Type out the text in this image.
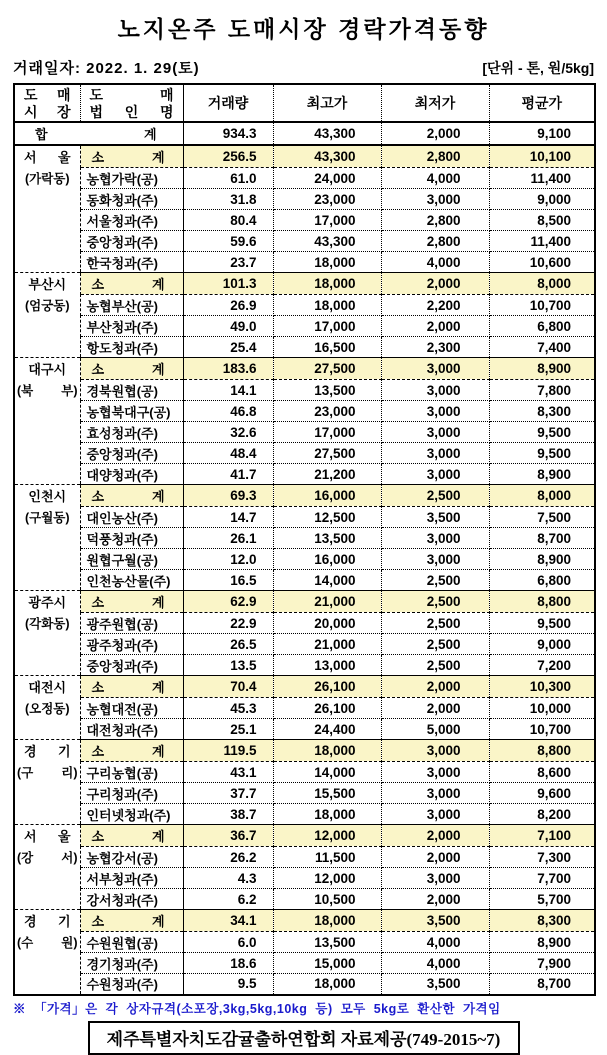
노지온주 도매시장 경락가격동향
거래일자: 2022. 1. 29(토)	[단위 - 톤, 원/5kg]
도 매
시 장

도	매
법 인 명
	거래량	최고가	최저가	평균가

합 계		934.3	43,300	2,000	9,100

서 울
(가락동)

소	계	256.5	43,300	2,800	10,100
	농협가락(공)	61.0	24,000	4,000	11,400
	동화청과(주)	31.8	23,000	3,000	9,000
	서울청과(주)	80.4	17,000	2,800	8,500
	중앙청과(주)	59.6	43,300	2,800	11,400
	한국청과(주)	23.7	18,000	4,000	10,600

부산시
(엄궁동)

소	계	101.3	18,000	2,000	8,000
	농협부산(공)	26.9	18,000	2,200	10,700
	부산청과(주)	49.0	17,000	2,000	6,800
	항도청과(주)	25.4	16,500	2,300	7,400

대구시
(북 부)

소	계	183.6	27,500	3,000	8,900
	경북원협(공)	14.1	13,500	3,000	7,800
	농협북대구(공)	46.8	23,000	3,000	8,300
	효성청과(주)	32.6	17,000	3,000	9,500
	중앙청과(주)	48.4	27,500	3,000	9,500
	대양청과(주)	41.7	21,200	3,000	8,900

인천시
(구월동)

소	계	69.3	16,000	2,500	8,000
	대인농산(주)	14.7	12,500	3,500	7,500
	덕풍청과(주)	26.1	13,500	3,000	8,700
	원협구월(공)	12.0	16,000	3,000	8,900
	인천농산물(주)	16.5	14,000	2,500	6,800

광주시
(각화동)

소	계	62.9	21,000	2,500	8,800
	광주원협(공)	22.9	20,000	2,500	9,500
	광주청과(주)	26.5	21,000	2,500	9,000
	중앙청과(주)	13.5	13,000	2,500	7,200

대전시
(오정동)

소	계	70.4	26,100	2,000	10,300
	농협대전(공)	45.3	26,100	2,000	10,000
	대전청과(주)	25.1	24,400	5,000	10,700

경 기
(구 리)

소	계	119.5	18,000	3,000	8,800
	구리농협(공)	43.1	14,000	3,000	8,600
	구리청과(주)	37.7	15,500	3,000	9,600
	인터넷청과(주)	38.7	18,000	3,000	8,200

서 울
(강 서)

소	계	36.7	12,000	2,000	7,100
	농협강서(공)	26.2	11,500	2,000	7,300
	서부청과(주)	4.3	12,000	3,000	7,700
	강서청과(주)	6.2	10,500	2,000	5,700

경 기
(수 원)

소	계	34.1	18,000	3,500	8,300
	수원원협(공)	6.0	13,500	4,000	8,900
	경기청과(주)	18.6	15,000	4,000	7,900
	수원청과(주)	9.5	18,000	3,500	8,700
※ 「가격」은 각 상자규격(소포장,3kg,5kg,10kg 등) 모두 5kg로 환산한 가격임
제주특별자치도감귤출하연합회 자료제공(749-2015~7)
